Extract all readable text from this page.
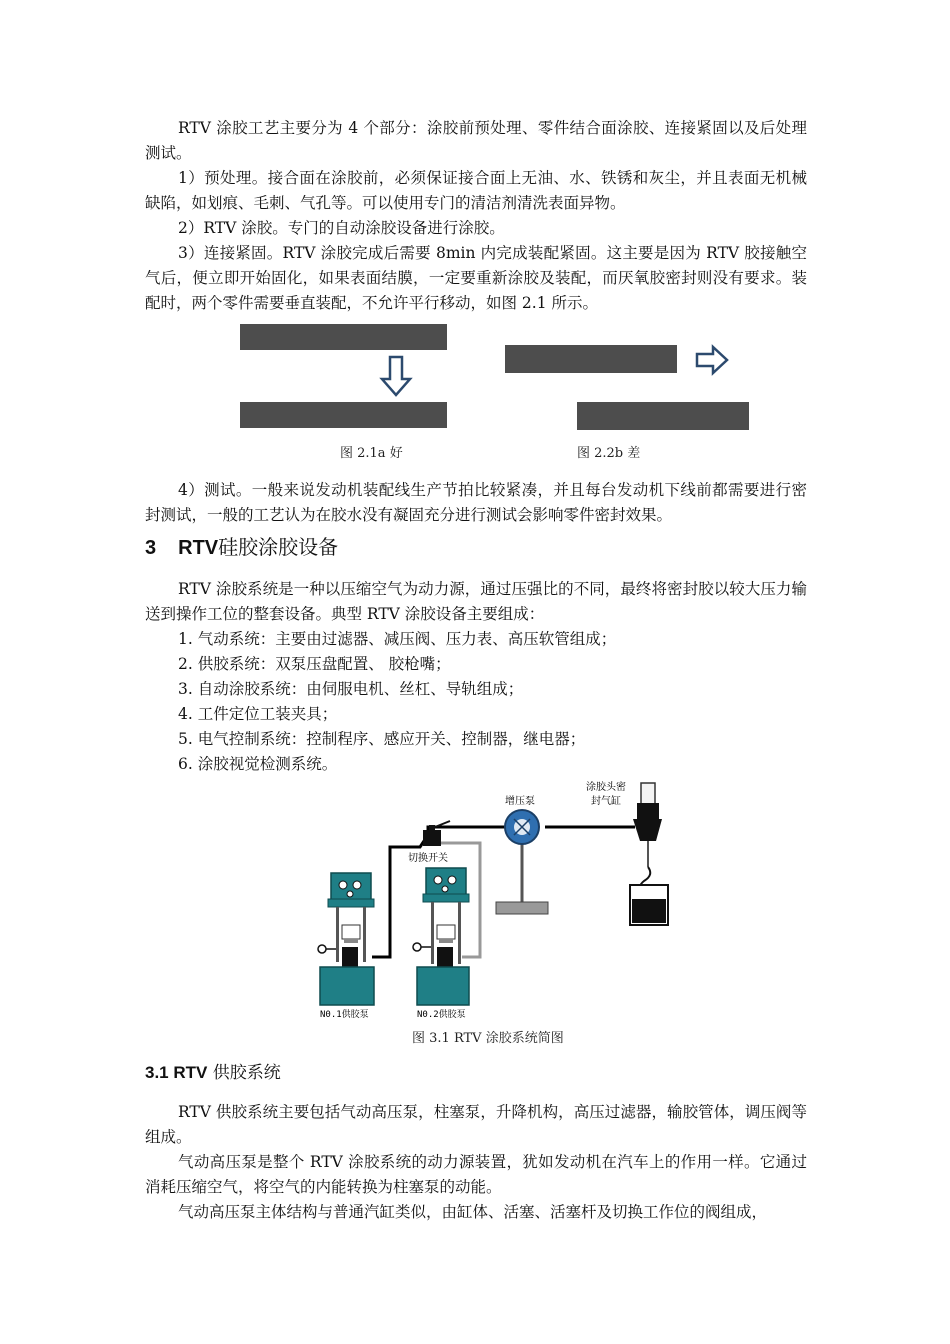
RTV 涂胶工艺主要分为 4 个部分：涂胶前预处理、零件结合面涂胶、连接紧固以及后处理测试。

1）预处理。接合面在涂胶前，必须保证接合面上无油、水、铁锈和灰尘，并且表面无机械缺陷，如划痕、毛刺、气孔等。可以使用专门的清洁剂清洗表面异物。

2）RTV 涂胶。专门的自动涂胶设备进行涂胶。

3）连接紧固。RTV 涂胶完成后需要 8min 内完成装配紧固。这主要是因为 RTV 胶接触空气后，便立即开始固化，如果表面结膜，一定要重新涂胶及装配，而厌氧胶密封则没有要求。装配时，两个零件需要垂直装配，不允许平行移动，如图 2.1 所示。

图 2.1a 好	图 2.2b 差

4）测试。一般来说发动机装配线生产节拍比较紧凑，并且每台发动机下线前都需要进行密封测试，一般的工艺认为在胶水没有凝固充分进行测试会影响零件密封效果。

3 RTV硅胶涂胶设备

RTV 涂胶系统是一种以压缩空气为动力源，通过压强比的不同，最终将密封胶以较大压力输送到操作工位的整套设备。典型 RTV 涂胶设备主要组成：

1. 气动系统：主要由过滤器、减压阀、压力表、高压软管组成；
2. 供胶系统：双泵压盘配置、 胶枪嘴；
3. 自动涂胶系统：由伺服电机、丝杠、导轨组成；
4. 工件定位工装夹具；
5. 电气控制系统：控制程序、感应开关、控制器，继电器；
6. 涂胶视觉检测系统。
增压泵
涂胶头密
封气缸
切换开关
N0.1供胶泵	N0.2供胶泵
图 3.1 RTV 涂胶系统简图
3.1 RTV 供胶系统

RTV 供胶系统主要包括气动高压泵，柱塞泵，升降机构，高压过滤器，输胶管体，调压阀等组成。

气动高压泵是整个 RTV 涂胶系统的动力源装置，犹如发动机在汽车上的作用一样。它通过消耗压缩空气，将空气的内能转换为柱塞泵的动能。

气动高压泵主体结构与普通汽缸类似，由缸体、活塞、活塞杆及切换工作位的阀组成，
